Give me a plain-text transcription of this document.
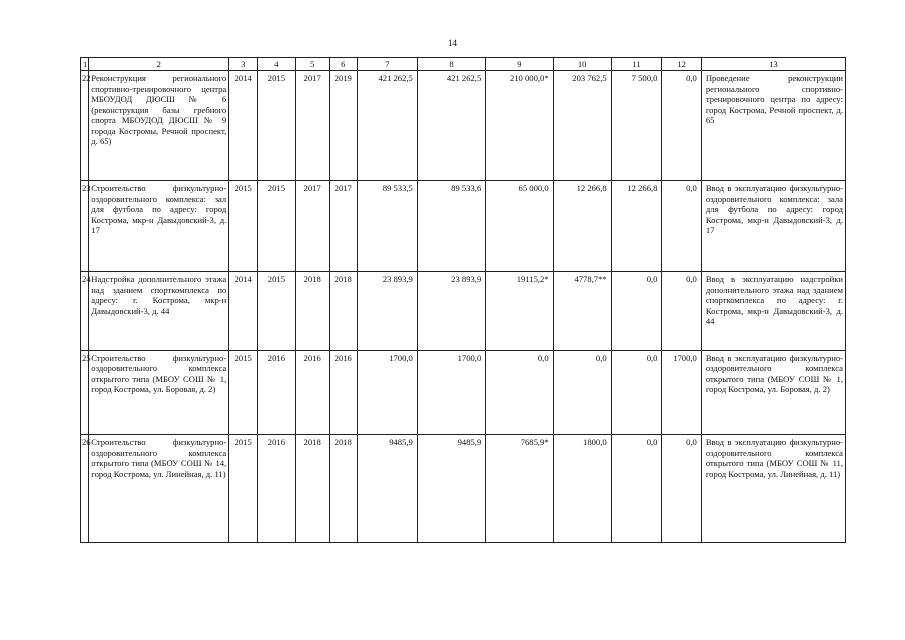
14
1	2	3	4	5	6	7	8	9	10	11	12	13
22	Реконструкция регионального спортивно-тренировочного центра МБОУДОД ДЮСШ № 6 (реконструкция базы гребного спорта МБОУДОД ДЮСШ № 9 города Костромы, Речной проспект, д. 65)	2014	2015	2017	2019	421 262,5	421 262,5	210 000,0*	203 762,5	7 500,0	0,0	Проведение реконструкции регионального спортивно-тренировочного центра по адресу: город Кострома, Речной проспект, д. 65
23	Строительство физкультурно-оздоровительного комплекса: зал для футбола по адресу: город Кострома, мкр-н Давыдовский-3, д. 17	2015	2015	2017	2017	89 533,5	89 533,6	65 000,0	12 266,8	12 266,8	0,0	Ввод в эксплуатацию физкультурно-оздоровительного комплекса: зала для футбола по адресу: город Кострома, мкр-н Давыдовский-3, д. 17
24	Надстройка дополнительного этажа над зданием спорткомплекса по адресу: г. Кострома, мкр-н Давыдовский-3, д. 44	2014	2015	2018	2018	23 893,9	23 893,9	19115,2*	4778,7**	0,0	0,0	Ввод в эксплуатацию надстройки дополнительного этажа над зданием спорткомплекса по адресу: г. Кострома, мкр-н Давыдовский-3, д. 44
25	Строительство физкультурно-оздоровительного комплекса открытого типа (МБОУ СОШ № 1, город Кострома, ул. Боровая, д. 2)	2015	2016	2016	2016	1700,0	1700,0	0,0	0,0	0,0	1700,0	Ввод в эксплуатацию физкультурно-оздоровительного комплекса открытого типа (МБОУ СОШ № 1, город Кострома, ул. Боровая, д. 2)
26	Строительство физкультурно-оздоровительного комплекса открытого типа (МБОУ СОШ № 14, город Кострома, ул. Линейная, д. 11)	2015	2016	2018	2018	9485,9	9485,9	7685,9*	1800,0	0,0	0,0	Ввод в эксплуатацию физкультурно-оздоровительного комплекса открытого типа (МБОУ СОШ № 11, город Кострома, ул. Линейная, д. 11)
